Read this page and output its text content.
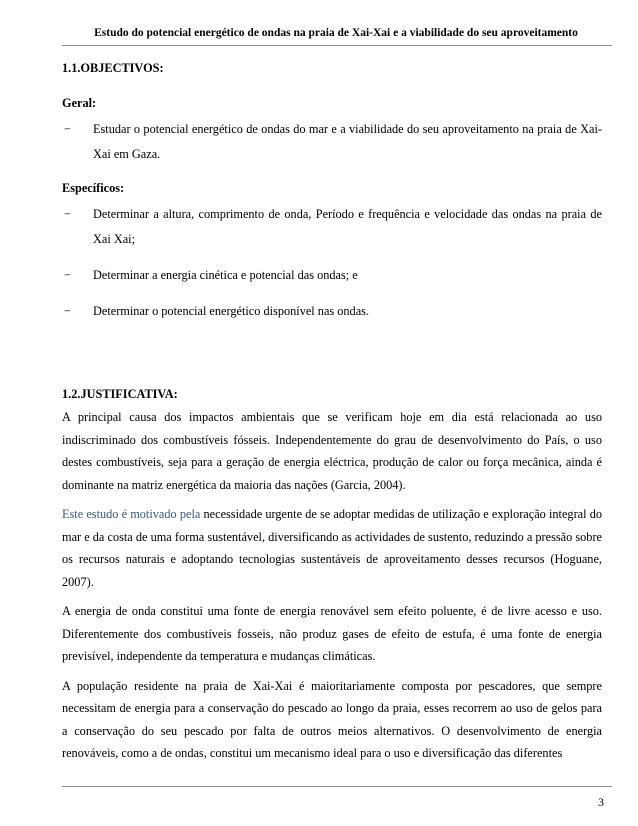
Estudo do potencial energético de ondas na praia de Xai-Xai e a viabilidade do seu aproveitamento

1.1.OBJECTIVOS:

Geral:

− Estudar o potencial energético de ondas do mar e a viabilidade do seu aproveitamento na praia de Xai-Xai em Gaza.

Específicos:

− Determinar a altura, comprimento de onda, Período e frequência e velocidade das ondas na praia de Xai Xai;

− Determinar a energia cinética e potencial das ondas; e

− Determinar o potencial energético disponível nas ondas.

1.2.JUSTIFICATIVA:

A principal causa dos impactos ambientais que se verificam hoje em dia está relacionada ao uso indiscriminado dos combustíveis fósseis. Independentemente do grau de desenvolvimento do País, o uso destes combustíveis, seja para a geração de energia eléctrica, produção de calor ou força mecânica, ainda é dominante na matriz energética da maioria das nações (Garcia, 2004).

Este estudo é motivado pela necessidade urgente de se adoptar medidas de utilização e exploração integral do mar e da costa de uma forma sustentável, diversificando as actividades de sustento, reduzindo a pressão sobre os recursos naturais e adoptando tecnologias sustentáveis de aproveitamento desses recursos (Hoguane, 2007).

A energia de onda constitui uma fonte de energia renovável sem efeito poluente, é de livre acesso e uso. Diferentemente dos combustíveis fosseis, não produz gases de efeito de estufa, é uma fonte de energia previsível, independente da temperatura e mudanças climáticas.

A população residente na praia de Xai-Xai é maioritariamente composta por pescadores, que sempre necessitam de energia para a conservação do pescado ao longo da praia, esses recorrem ao uso de gelos para a conservação do seu pescado por falta de outros meios alternativos. O desenvolvimento de energia renováveis, como a de ondas, constitui um mecanismo ideal para o uso e diversificação das diferentes

3
